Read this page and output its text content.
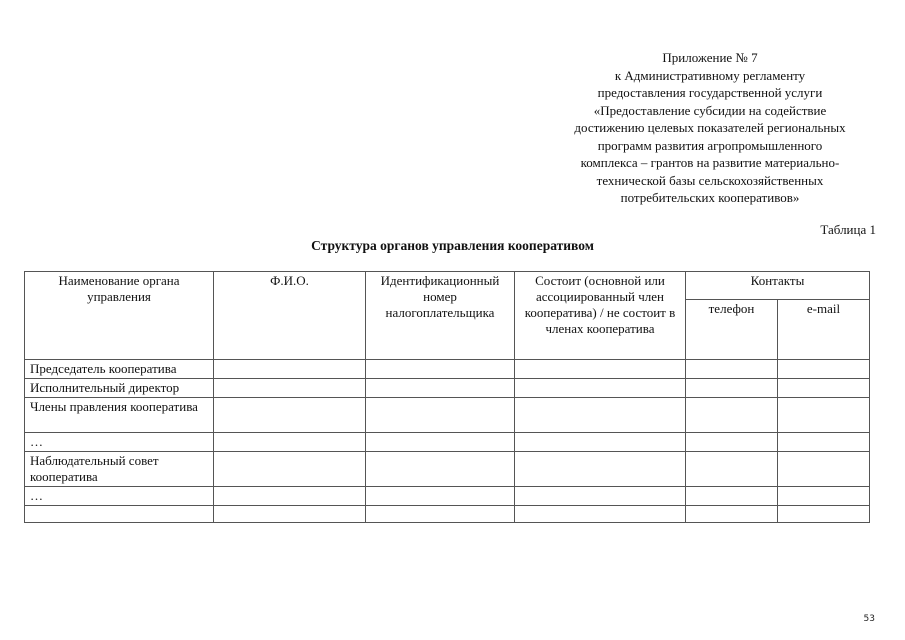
Приложение № 7
к Административному регламенту
предоставления государственной услуги
«Предоставление субсидии на содействие
достижению целевых показателей региональных
программ развития агропромышленного
комплекса – грантов на развитие материально-
технической базы сельскохозяйственных
потребительских кооперативов»
Таблица 1
Структура органов управления кооперативом
Наименование органа управления	Ф.И.О.	Идентификационный номер налогоплательщика	Состоит (основной или ассоциированный член кооператива) / не состоит в членах кооператива	Контакты	
				телефон	e-mail
Председатель кооператива					
Исполнительный директор					
Члены правления кооператива					
…					
Наблюдательный совет кооператива					
…					

53
